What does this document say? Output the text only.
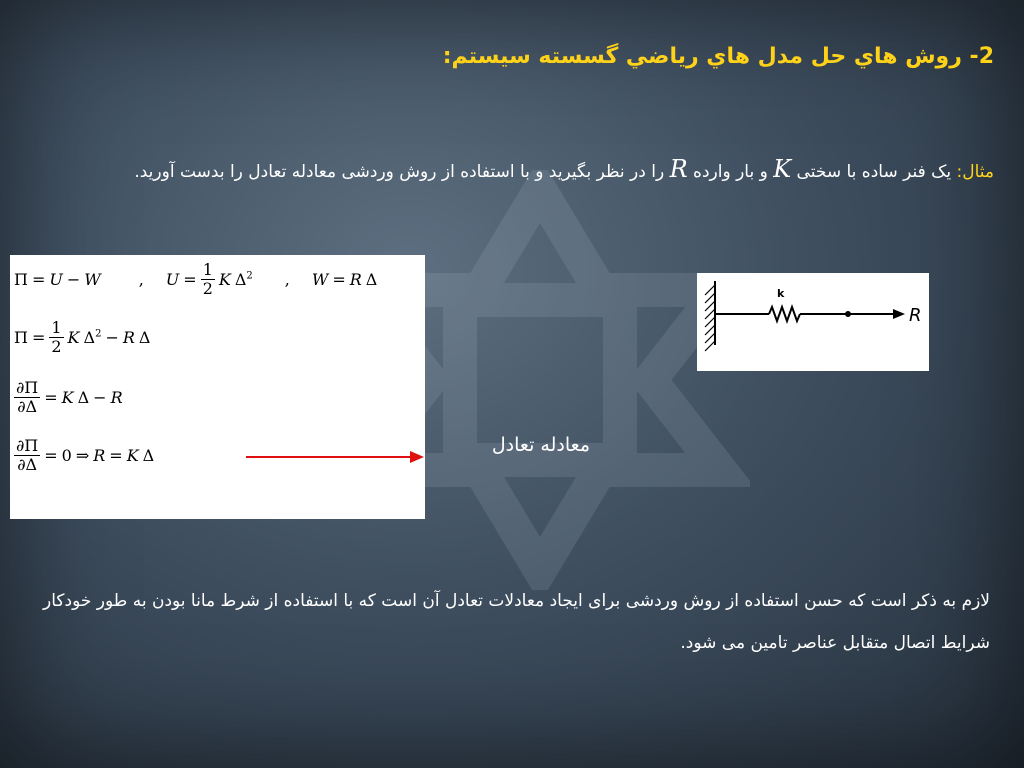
2- روش هاي حل مدل هاي رياضي گسسته سيستم:
مثال: یک فنر ساده با سختی K و بار وارده R را در نظر بگیرید و با استفاده از روش وردشی معادله تعادل را بدست آورید.
Π = U − W , $U = \frac{1}{2}$ K $\Delta^2$ , W = R Δ
$\Pi = \frac{1}{2}$ K $\Delta^2 - R$ Δ
$\frac{\partial\Pi}{\partial\Delta} = K$ Δ − R
$\frac{\partial\Pi}{\partial\Delta} = 0$ ⇒ R = K Δ	معادله تعادل
k
R
لازم به ذکر است که حسن استفاده از روش وردشی برای ایجاد معادلات تعادل آن است که با استفاده از شرط مانا بودن به طور خودکار شرایط اتصال متقابل عناصر تامین می شود.
